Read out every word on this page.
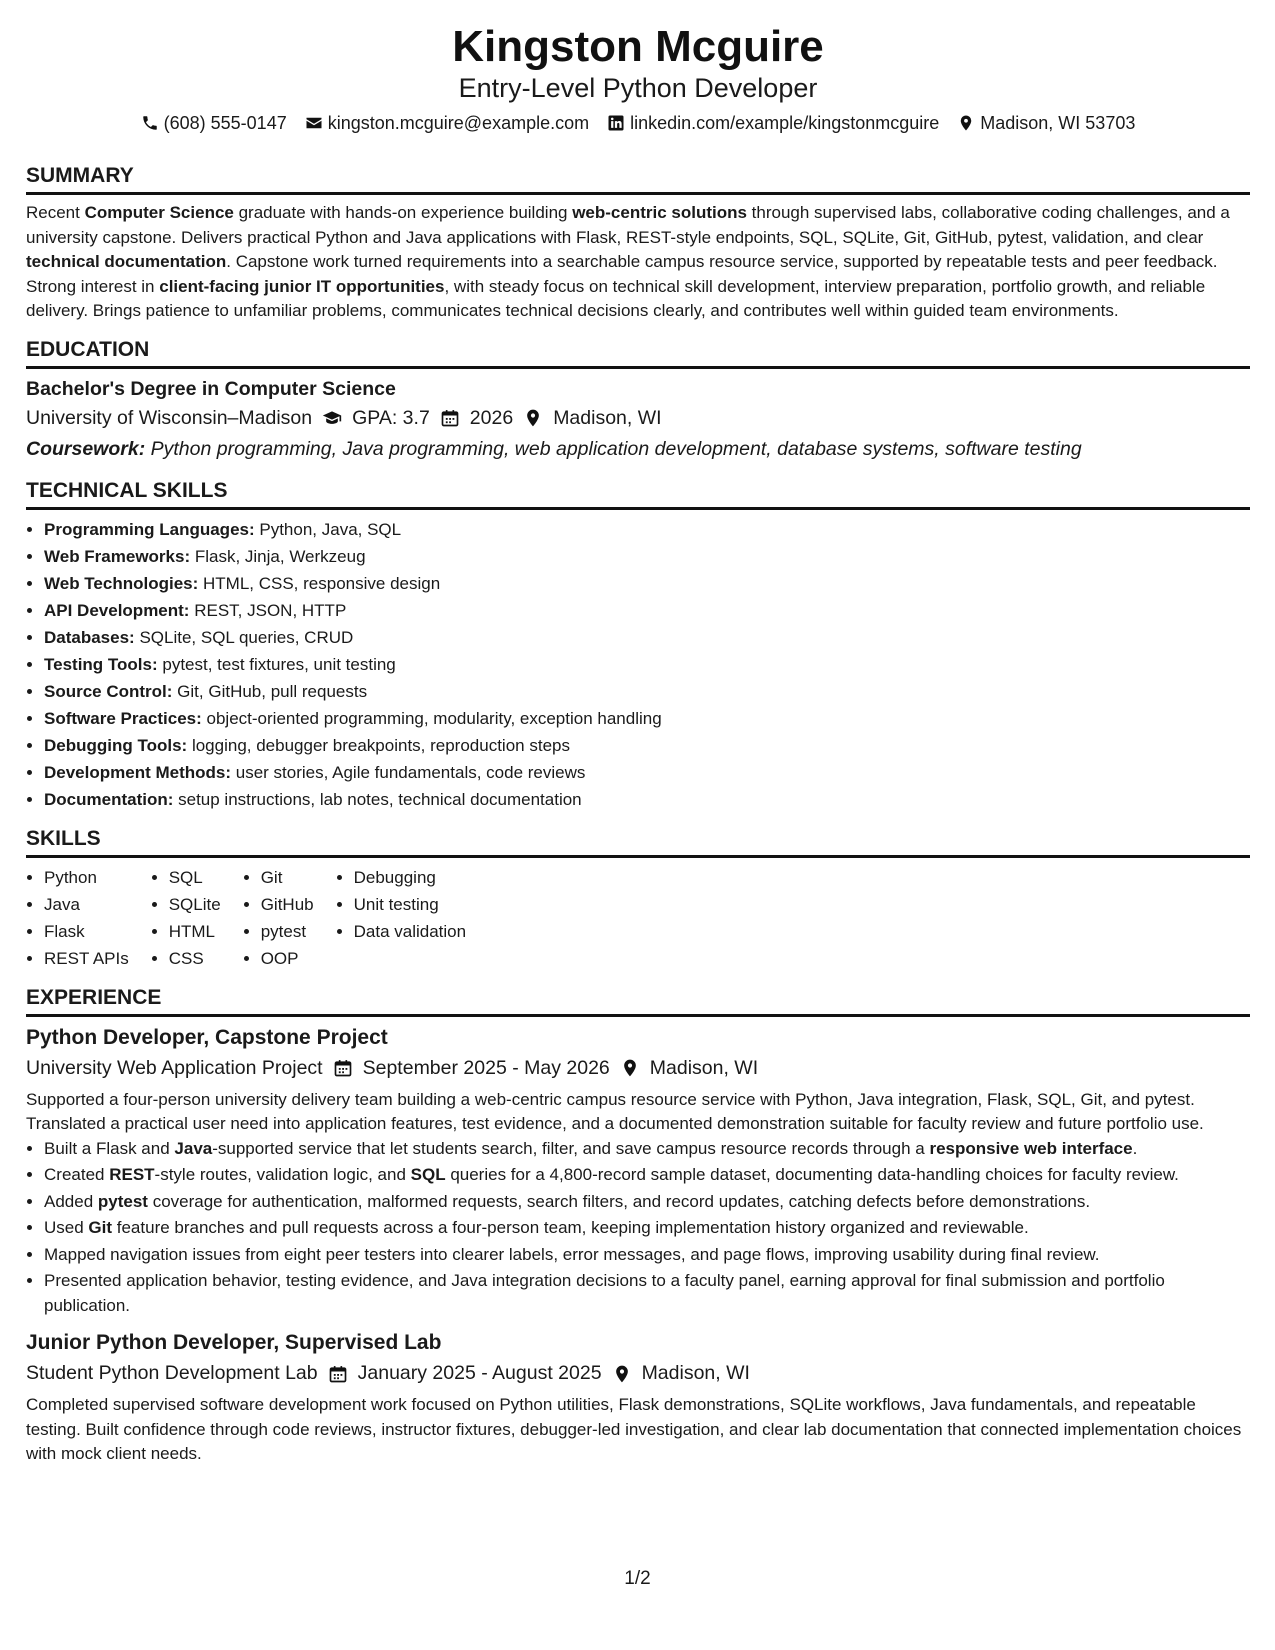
Kingston Mcguire
Entry-Level Python Developer
(608) 555-0147 kingston.mcguire@example.com linkedin.com/example/kingstonmcguire Madison, WI 53703
SUMMARY

Recent Computer Science graduate with hands-on experience building web-centric solutions through supervised labs, collaborative coding challenges, and a university capstone. Delivers practical Python and Java applications with Flask, REST-style endpoints, SQL, SQLite, Git, GitHub, pytest, validation, and clear technical documentation. Capstone work turned requirements into a searchable campus resource service, supported by repeatable tests and peer feedback. Strong interest in client-facing junior IT opportunities, with steady focus on technical skill development, interview preparation, portfolio growth, and reliable delivery. Brings patience to unfamiliar problems, communicates technical decisions clearly, and contributes well within guided team environments.

EDUCATION

Bachelor's Degree in Computer Science

University of Wisconsin–Madison GPA: 3.7 2026 Madison, WI

Coursework: Python programming, Java programming, web application development, database systems, software testing

TECHNICAL SKILLS
• Programming Languages: Python, Java, SQL
• Web Frameworks: Flask, Jinja, Werkzeug
• Web Technologies: HTML, CSS, responsive design
• API Development: REST, JSON, HTTP
• Databases: SQLite, SQL queries, CRUD
• Testing Tools: pytest, test fixtures, unit testing
• Source Control: Git, GitHub, pull requests
• Software Practices: object-oriented programming, modularity, exception handling
• Debugging Tools: logging, debugger breakpoints, reproduction steps
• Development Methods: user stories, Agile fundamentals, code reviews
• Documentation: setup instructions, lab notes, technical documentation
SKILLS
• Python
• Java
• Flask
• REST APIs
• SQL
• SQLite
• HTML
• CSS
• Git
• GitHub
• pytest
• OOP
• Debugging
• Unit testing
• Data validation
EXPERIENCE

Python Developer, Capstone Project

University Web Application Project September 2025 - May 2026 Madison, WI

Supported a four-person university delivery team building a web-centric campus resource service with Python, Java integration, Flask, SQL, Git, and pytest. Translated a practical user need into application features, test evidence, and a documented demonstration suitable for faculty review and future portfolio use.

• Built a Flask and Java-supported service that let students search, filter, and save campus resource records through a responsive web interface.
• Created REST-style routes, validation logic, and SQL queries for a 4,800-record sample dataset, documenting data-handling choices for faculty review.
• Added pytest coverage for authentication, malformed requests, search filters, and record updates, catching defects before demonstrations.
• Used Git feature branches and pull requests across a four-person team, keeping implementation history organized and reviewable.
• Mapped navigation issues from eight peer testers into clearer labels, error messages, and page flows, improving usability during final review.
• Presented application behavior, testing evidence, and Java integration decisions to a faculty panel, earning approval for final submission and portfolio publication.

Junior Python Developer, Supervised Lab

Student Python Development Lab January 2025 - August 2025 Madison, WI

Completed supervised software development work focused on Python utilities, Flask demonstrations, SQLite workflows, Java fundamentals, and repeatable testing. Built confidence through code reviews, instructor fixtures, debugger-led investigation, and clear lab documentation that connected implementation choices with mock client needs.

1/2
